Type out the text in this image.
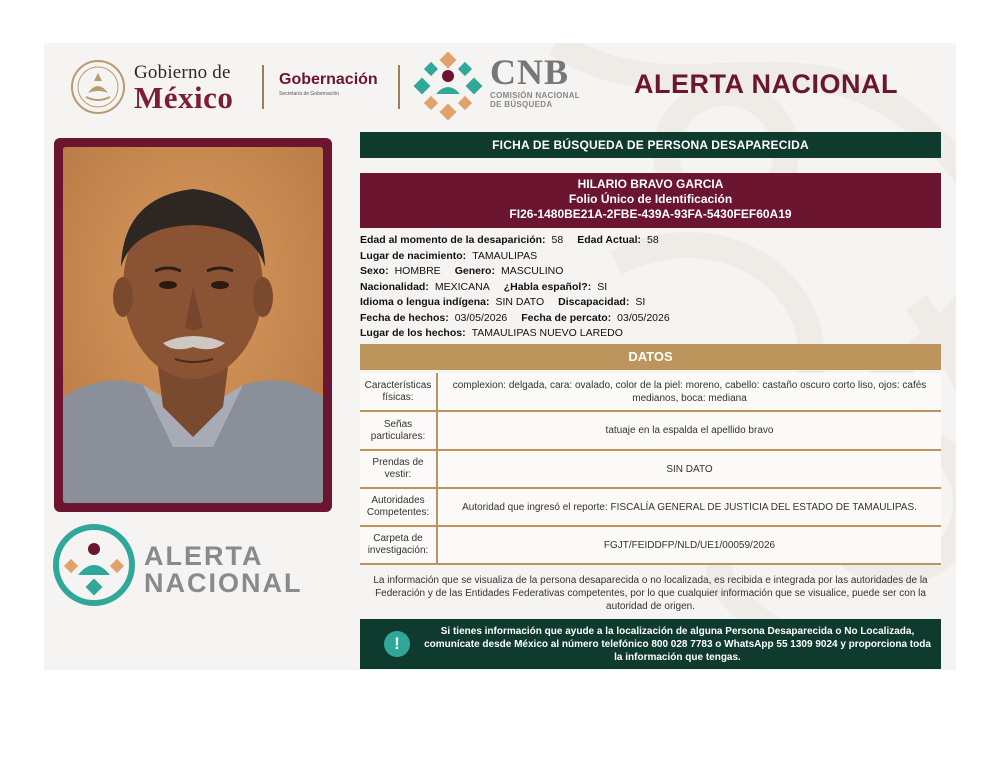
Gobierno de
México
Gobernación
Secretaría de Gobernación
CNB
COMISIÓN NACIONAL
DE BÚSQUEDA
ALERTA NACIONAL
ALERTA
NACIONAL
FICHA DE BÚSQUEDA DE PERSONA DESAPARECIDA
HILARIO BRAVO GARCIA
Folio Único de Identificación
FI26-1480BE21A-2FBE-439A-93FA-5430FEF60A19
Edad al momento de la desaparición: 58 Edad Actual: 58
Lugar de nacimiento: TAMAULIPAS
Sexo: HOMBRE Genero: MASCULINO
Nacionalidad: MEXICANA ¿Habla español?: SI
Idioma o lengua indígena: SIN DATO Discapacidad: SI
Fecha de hechos: 03/05/2026 Fecha de percato: 03/05/2026
Lugar de los hechos: TAMAULIPAS NUEVO LAREDO
DATOS
Características físicas:
complexion: delgada, cara: ovalado, color de la piel: moreno, cabello: castaño oscuro corto liso, ojos: cafés medianos, boca: mediana
Señas particulares:	tatuaje en la espalda el apellido bravo
Prendas de vestir:	SIN DATO
Autoridades Competentes:	Autoridad que ingresó el reporte: FISCALÍA GENERAL DE JUSTICIA DEL ESTADO DE TAMAULIPAS.
Carpeta de investigación:	FGJT/FEIDDFP/NLD/UE1/00059/2026
La información que se visualiza de la persona desaparecida o no localizada, es recibida e integrada por las autoridades de la Federación y de las Entidades Federativas competentes, por lo que cualquier información que se visualice, puede ser con la autoridad de origen.
!
Si tienes información que ayude a la localización de alguna Persona Desaparecida o No Localizada, comunícate desde México al número telefónico 800 028 7783 o WhatsApp 55 1309 9024 y proporciona toda la información que tengas.
